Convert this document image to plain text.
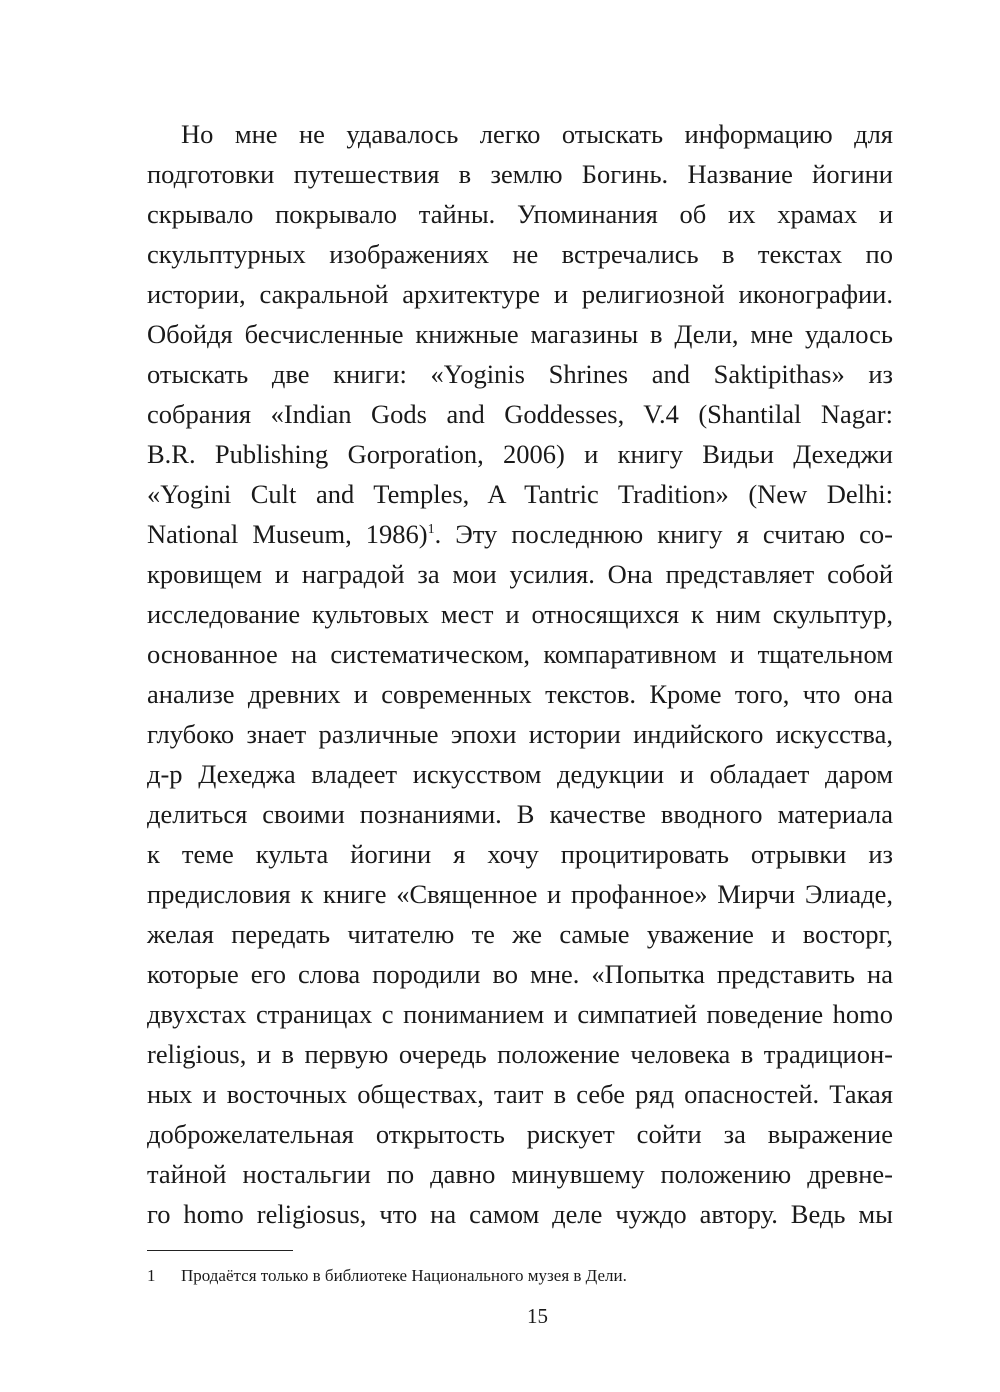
Но мне не удавалось легко отыскать информацию для
подготовки путешествия в землю Богинь. Название йогини
скрывало покрывало тайны. Упоминания об их храмах и
скульптурных изображениях не встречались в текстах по
истории, сакральной архитектуре и религиозной иконографии.
Обойдя бесчисленные книжные магазины в Дели, мне удалось
отыскать две книги: «Yoginis Shrines and Saktipithas» из
собрания «Indian Gods and Goddesses, V.4 (Shantilal Nagar:
B.R. Publishing Gorporation, 2006) и книгу Видьи Дехеджи
«Yogini Cult and Temples, A Tantric Tradition» (New Delhi:
National Museum, 1986)$^1$. Эту последнюю книгу я считаю со-
кровищем и наградой за мои усилия. Она представляет собой
исследование культовых мест и относящихся к ним скульптур,
основанное на систематическом, компаративном и тщательном
анализе древних и современных текстов. Кроме того, что она
глубоко знает различные эпохи истории индийского искусства,
д-р Дехеджа владеет искусством дедукции и обладает даром
делиться своими познаниями. В качестве вводного материала
к теме культа йогини я хочу процитировать отрывки из
предисловия к книге «Священное и профанное» Мирчи Элиаде,
желая передать читателю те же самые уважение и восторг,
которые его слова породили во мне. «Попытка представить на
двухстах страницах с пониманием и симпатией поведение homo
religious, и в первую очередь положение человека в традицион-
ных и восточных обществах, таит в себе ряд опасностей. Такая
доброжелательная открытость рискует сойти за выражение
тайной ностальгии по давно минувшему положению древне-
го homo religiosus, что на самом деле чуждо автору. Ведь мы
1 Продаётся только в библиотеке Национального музея в Дели.
15
